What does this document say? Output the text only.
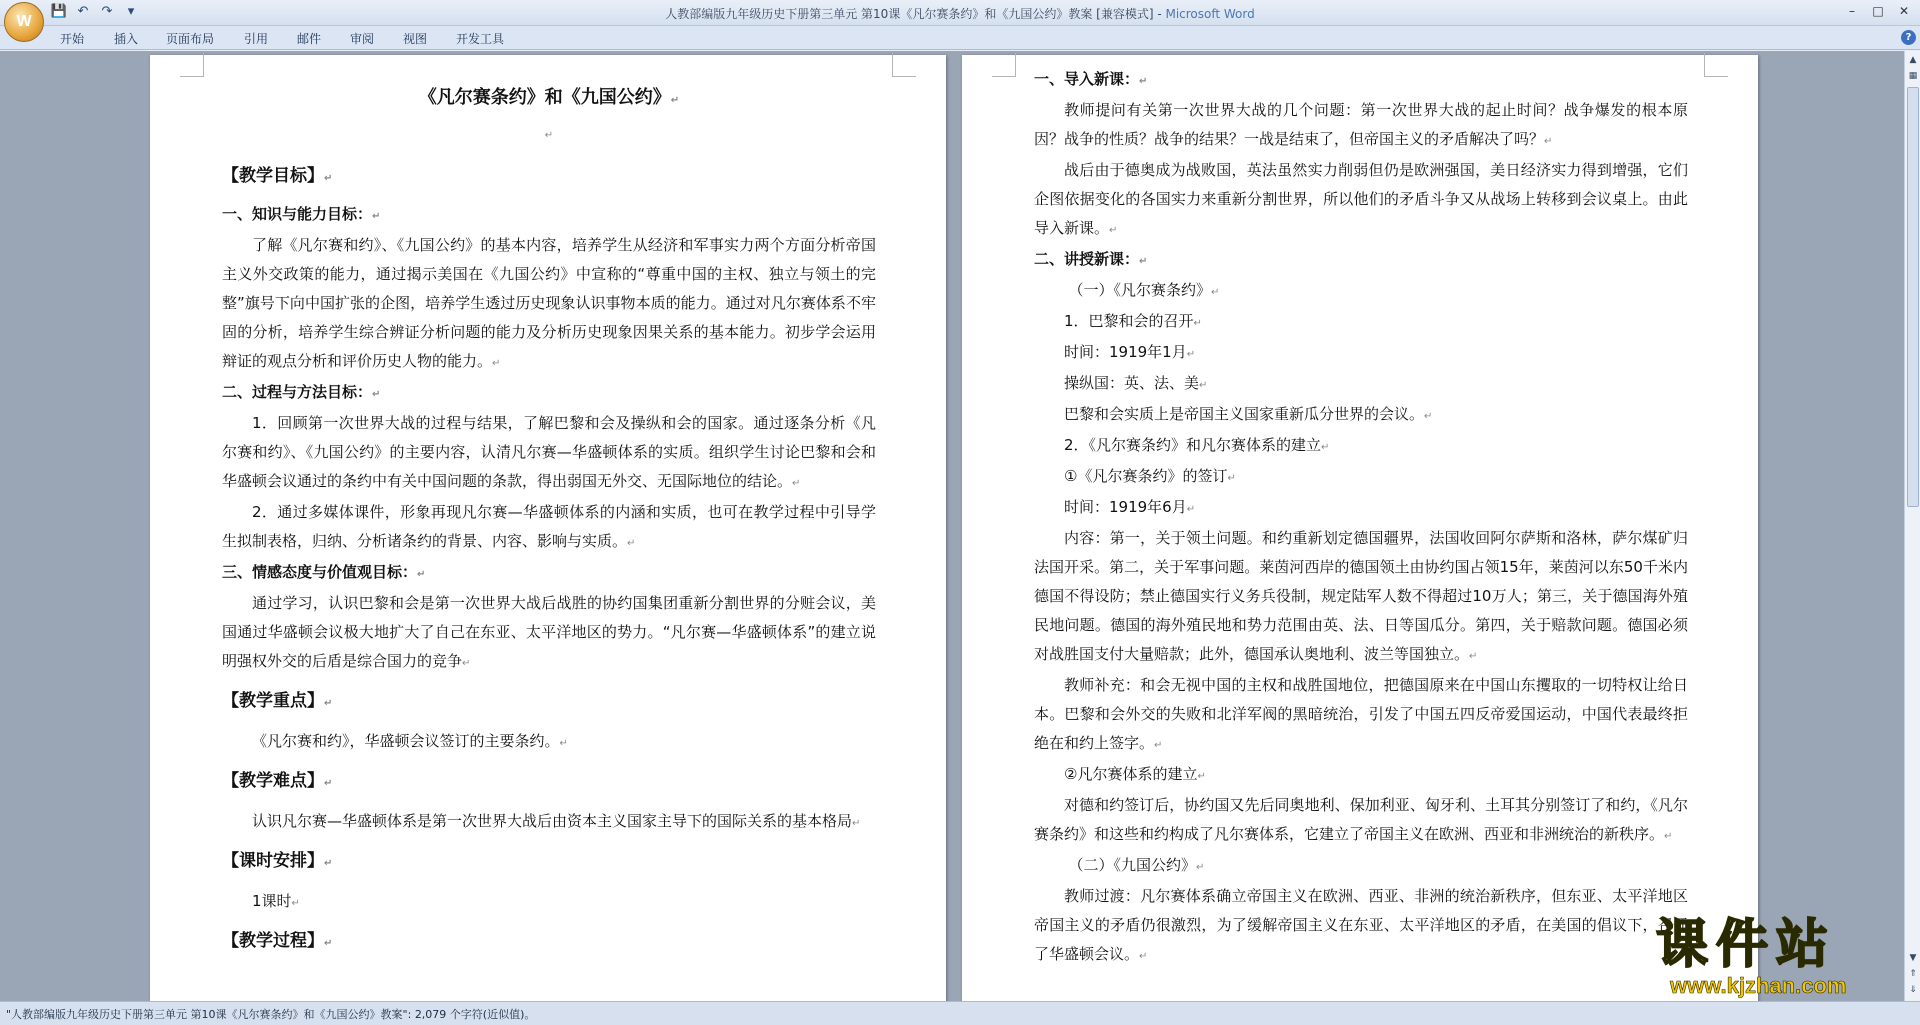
💾 ↶ ↷	▾	人教部编版九年级历史下册第三单元 第10课《凡尔赛条约》和《九国公约》教案 [兼容模式] - Microsoft Word	–	□	✕
W
开始 插入 页面布局 引用 邮件 审阅 视图 开发工具	?
《凡尔赛条约》和《九国公约》↵
↵
【教学目标】↵
一、知识与能力目标：↵
了解《凡尔赛和约》、《九国公约》的基本内容，培养学生从经济和军事实力两个方面分析帝国主义外交政策的能力，通过揭示美国在《九国公约》中宣称的“尊重中国的主权、独立与领土的完整”旗号下向中国扩张的企图，培养学生透过历史现象认识事物本质的能力。通过对凡尔赛体系不牢固的分析，培养学生综合辨证分析问题的能力及分析历史现象因果关系的基本能力。初步学会运用辩证的观点分析和评价历史人物的能力。↵
二、过程与方法目标：↵
1．回顾第一次世界大战的过程与结果，了解巴黎和会及操纵和会的国家。通过逐条分析《凡尔赛和约》、《九国公约》的主要内容，认清凡尔赛—华盛顿体系的实质。组织学生讨论巴黎和会和华盛顿会议通过的条约中有关中国问题的条款，得出弱国无外交、无国际地位的结论。↵
2．通过多媒体课件，形象再现凡尔赛—华盛顿体系的内涵和实质，也可在教学过程中引导学生拟制表格，归纳、分析诸条约的背景、内容、影响与实质。↵
三、情感态度与价值观目标：↵
通过学习，认识巴黎和会是第一次世界大战后战胜的协约国集团重新分割世界的分赃会议，美国通过华盛顿会议极大地扩大了自己在东亚、太平洋地区的势力。“凡尔赛—华盛顿体系”的建立说明强权外交的后盾是综合国力的竞争↵
【教学重点】↵
《凡尔赛和约》，华盛顿会议签订的主要条约。↵
【教学难点】↵
认识凡尔赛—华盛顿体系是第一次世界大战后由资本主义国家主导下的国际关系的基本格局↵
【课时安排】↵
1课时↵
【教学过程】↵
一、导入新课：↵
教师提问有关第一次世界大战的几个问题：第一次世界大战的起止时间？战争爆发的根本原因？战争的性质？战争的结果？一战是结束了，但帝国主义的矛盾解决了吗？↵
战后由于德奥成为战败国，英法虽然实力削弱但仍是欧洲强国，美日经济实力得到增强，它们企图依据变化的各国实力来重新分割世界，所以他们的矛盾斗争又从战场上转移到会议桌上。由此导入新课。↵
二、讲授新课：↵
（一）《凡尔赛条约》↵
1．巴黎和会的召开↵
时间：1919年1月↵
操纵国：英、法、美↵
巴黎和会实质上是帝国主义国家重新瓜分世界的会议。↵
2．《凡尔赛条约》和凡尔赛体系的建立↵
①《凡尔赛条约》的签订↵
时间：1919年6月↵
内容：第一，关于领土问题。和约重新划定德国疆界，法国收回阿尔萨斯和洛林，萨尔煤矿归法国开采。第二，关于军事问题。莱茵河西岸的德国领土由协约国占领15年，莱茵河以东50千米内德国不得设防；禁止德国实行义务兵役制，规定陆军人数不得超过10万人；第三，关于德国海外殖民地问题。德国的海外殖民地和势力范围由英、法、日等国瓜分。第四，关于赔款问题。德国必须对战胜国支付大量赔款；此外，德国承认奥地利、波兰等国独立。↵
教师补充：和会无视中国的主权和战胜国地位，把德国原来在中国山东攫取的一切特权让给日本。巴黎和会外交的失败和北洋军阀的黑暗统治，引发了中国五四反帝爱国运动，中国代表最终拒绝在和约上签字。↵
②凡尔赛体系的建立↵
对德和约签订后，协约国又先后同奥地利、保加利亚、匈牙利、土耳其分别签订了和约，《凡尔赛条约》和这些和约构成了凡尔赛体系，它建立了帝国主义在欧洲、西亚和非洲统治的新秩序。↵
（二）《九国公约》↵
教师过渡：凡尔赛体系确立帝国主义在欧洲、西亚、非洲的统治新秩序，但东亚、太平洋地区帝国主义的矛盾仍很激烈，为了缓解帝国主义在东亚、太平洋地区的矛盾，在美国的倡议下，召开了华盛顿会议。↵
▲
▦
▼
⇑
⇓
课件站
www.kjzhan.com
"人教部编版九年级历史下册第三单元 第10课《凡尔赛条约》和《九国公约》教案": 2,079 个字符(近似值)。
